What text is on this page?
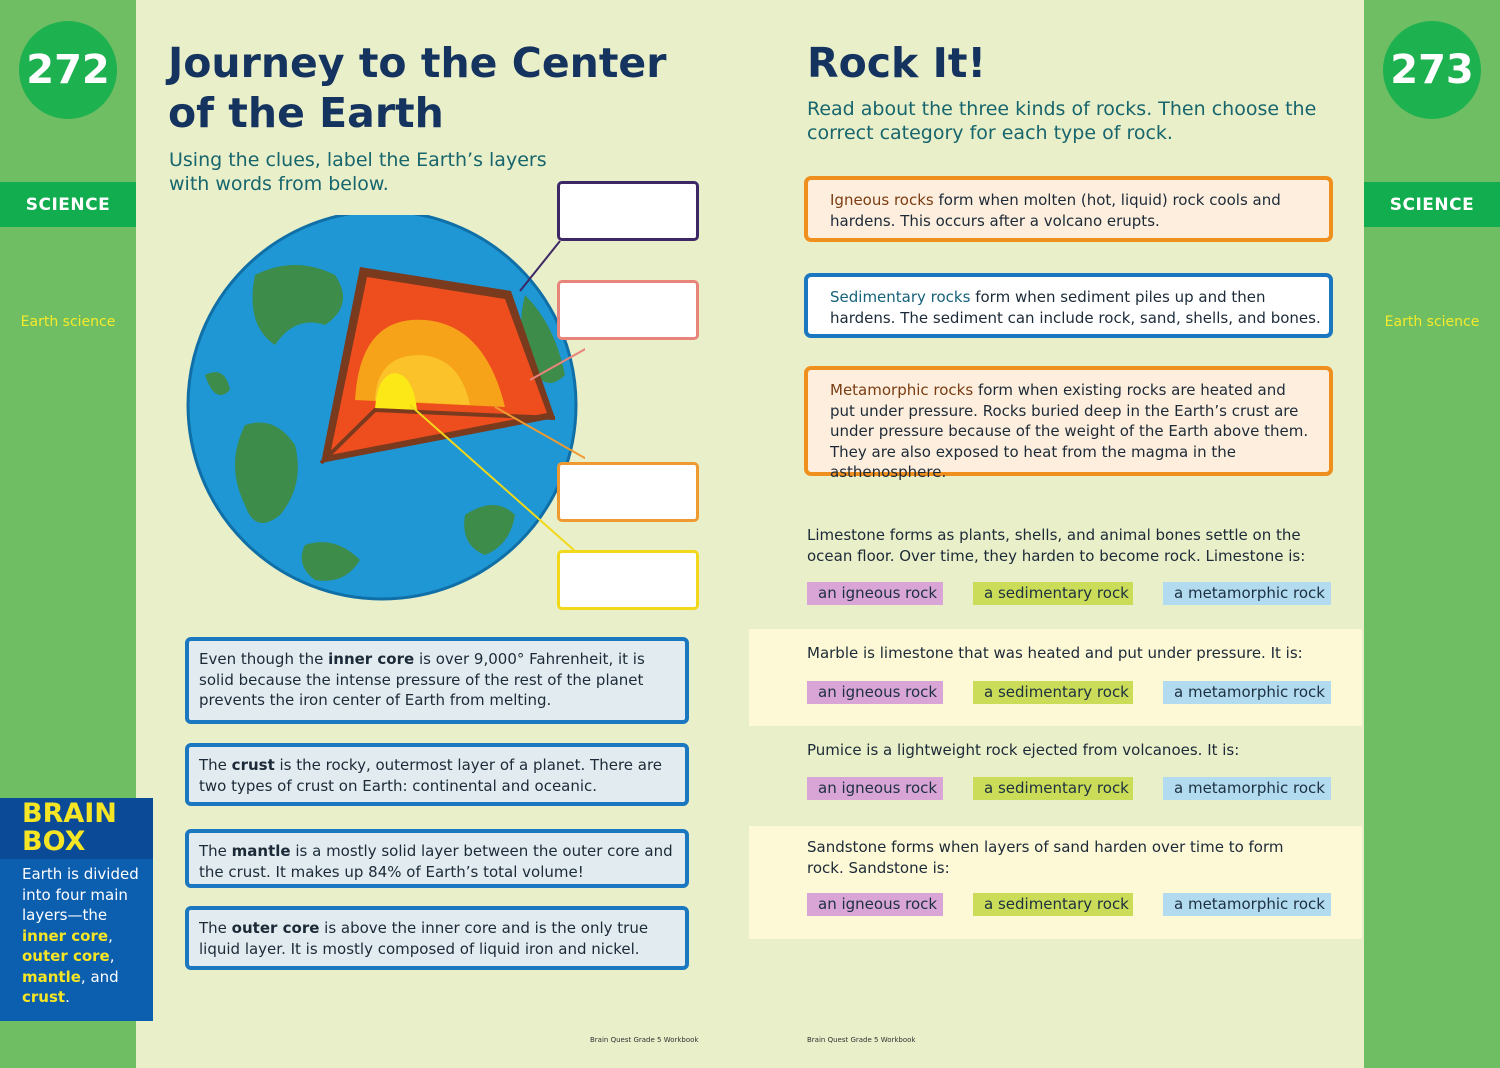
272
SCIENCE
Earth science
273
SCIENCE
Earth science
Journey to the Center
of the Earth
Using the clues, label the Earth’s layers
with words from below.
Even though the inner core is over 9,000° Fahrenheit, it is solid because the intense pressure of the rest of the planet prevents the iron center of Earth from melting.
The crust is the rocky, outermost layer of a planet. There are two types of crust on Earth: continental and oceanic.
The mantle is a mostly solid layer between the outer core and the crust. It makes up 84% of Earth’s total volume!
The outer core is above the inner core and is the only true liquid layer. It is mostly composed of liquid iron and nickel.
BRAIN
BOX
Earth is divided into four main layers—the inner core, outer core, mantle, and crust.
Brain Quest Grade 5 Workbook
Rock It!
Read about the three kinds of rocks. Then choose the
correct category for each type of rock.
Igneous rocks form when molten (hot, liquid) rock cools and hardens. This occurs after a volcano erupts.
Sedimentary rocks form when sediment piles up and then hardens. The sediment can include rock, sand, shells, and bones.
Metamorphic rocks form when existing rocks are heated and put under pressure. Rocks buried deep in the Earth’s crust are under pressure because of the weight of the Earth above them. They are also exposed to heat from the magma in the asthenosphere.
Limestone forms as plants, shells, and animal bones settle on the ocean floor. Over time, they harden to become rock. Limestone is:
an igneous rock	a sedimentary rock	a metamorphic rock
Marble is limestone that was heated and put under pressure. It is:
an igneous rock	a sedimentary rock	a metamorphic rock
Pumice is a lightweight rock ejected from volcanoes. It is:
an igneous rock	a sedimentary rock	a metamorphic rock
Sandstone forms when layers of sand harden over time to form rock. Sandstone is:
an igneous rock	a sedimentary rock	a metamorphic rock
Brain Quest Grade 5 Workbook
